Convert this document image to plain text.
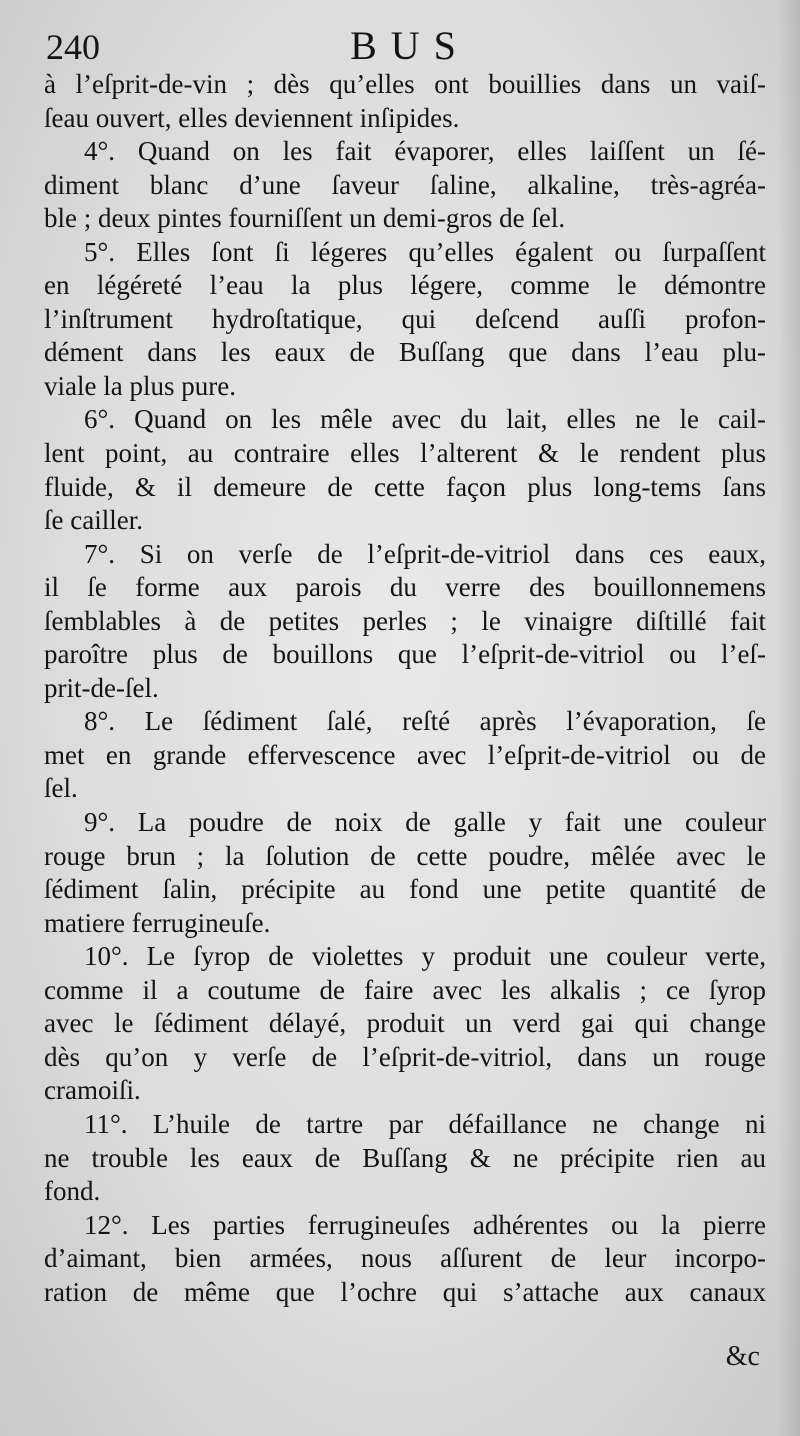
240	BUS
à l’eſprit-de-vin ; dès qu’elles ont bouillies dans un vaiſ-
ſeau ouvert, elles deviennent inſipides.
4°. Quand on les fait évaporer, elles laiſſent un ſé-
diment blanc d’une ſaveur ſaline, alkaline, très-agréa-
ble ; deux pintes fourniſſent un demi-gros de ſel.
5°. Elles ſont ſi légeres qu’elles égalent ou ſurpaſſent
en légéreté l’eau la plus légere, comme le démontre
l’inſtrument hydroſtatique, qui deſcend auſſi profon-
dément dans les eaux de Buſſang que dans l’eau plu-
viale la plus pure.
6°. Quand on les mêle avec du lait, elles ne le cail-
lent point, au contraire elles l’alterent & le rendent plus
fluide, & il demeure de cette façon plus long-tems ſans
ſe cailler.
7°. Si on verſe de l’eſprit-de-vitriol dans ces eaux,
il ſe forme aux parois du verre des bouillonnemens
ſemblables à de petites perles ; le vinaigre diſtillé fait
paroître plus de bouillons que l’eſprit-de-vitriol ou l’eſ-
prit-de-ſel.
8°. Le ſédiment ſalé, reſté après l’évaporation, ſe
met en grande effervescence avec l’eſprit-de-vitriol ou de
ſel.
9°. La poudre de noix de galle y fait une couleur
rouge brun ; la ſolution de cette poudre, mêlée avec le
ſédiment ſalin, précipite au fond une petite quantité de
matiere ferrugineuſe.
10°. Le ſyrop de violettes y produit une couleur verte,
comme il a coutume de faire avec les alkalis ; ce ſyrop
avec le ſédiment délayé, produit un verd gai qui change
dès qu’on y verſe de l’eſprit-de-vitriol, dans un rouge
cramoiſi.
11°. L’huile de tartre par défaillance ne change ni
ne trouble les eaux de Buſſang & ne précipite rien au
fond.
12°. Les parties ferrugineuſes adhérentes ou la pierre
d’aimant, bien armées, nous aſſurent de leur incorpo-
ration de même que l’ochre qui s’attache aux canaux
&c
